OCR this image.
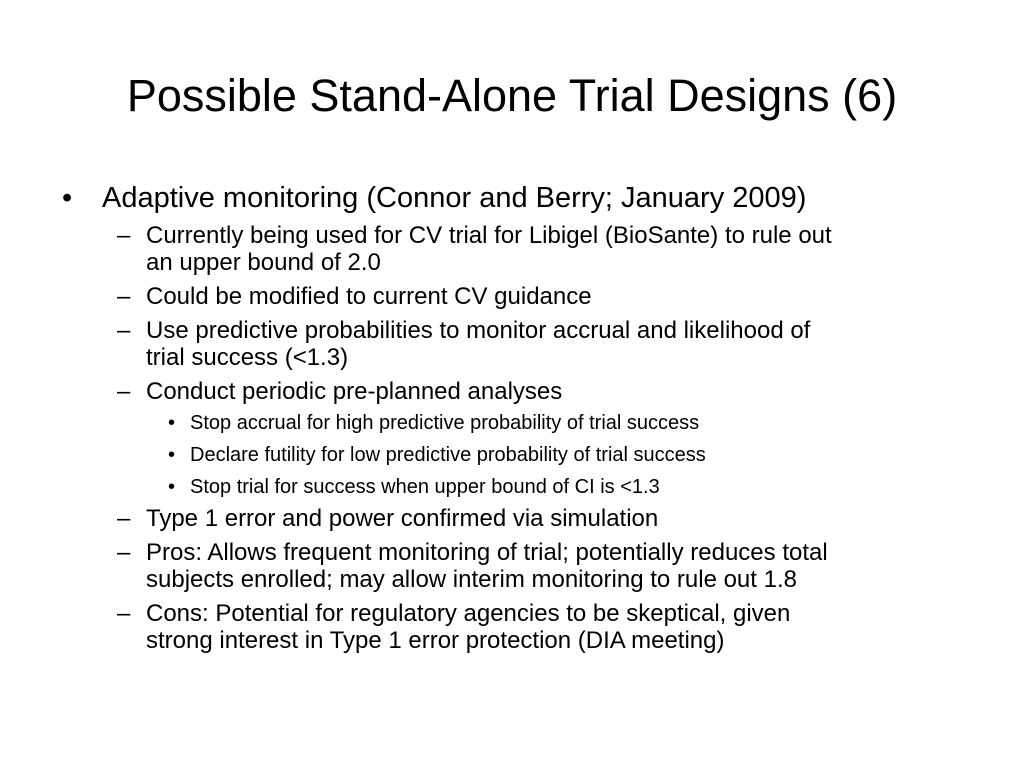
Possible Stand-Alone Trial Designs (6)
• Adaptive monitoring (Connor and Berry; January 2009)
– Currently being used for CV trial for Libigel (BioSante) to rule out
an upper bound of 2.0
– Could be modified to current CV guidance
– Use predictive probabilities to monitor accrual and likelihood of
trial success (<1.3)
– Conduct periodic pre-planned analyses
• Stop accrual for high predictive probability of trial success
• Declare futility for low predictive probability of trial success
• Stop trial for success when upper bound of CI is <1.3
– Type 1 error and power confirmed via simulation
– Pros: Allows frequent monitoring of trial; potentially reduces total
subjects enrolled; may allow interim monitoring to rule out 1.8
– Cons: Potential for regulatory agencies to be skeptical, given
strong interest in Type 1 error protection (DIA meeting)
